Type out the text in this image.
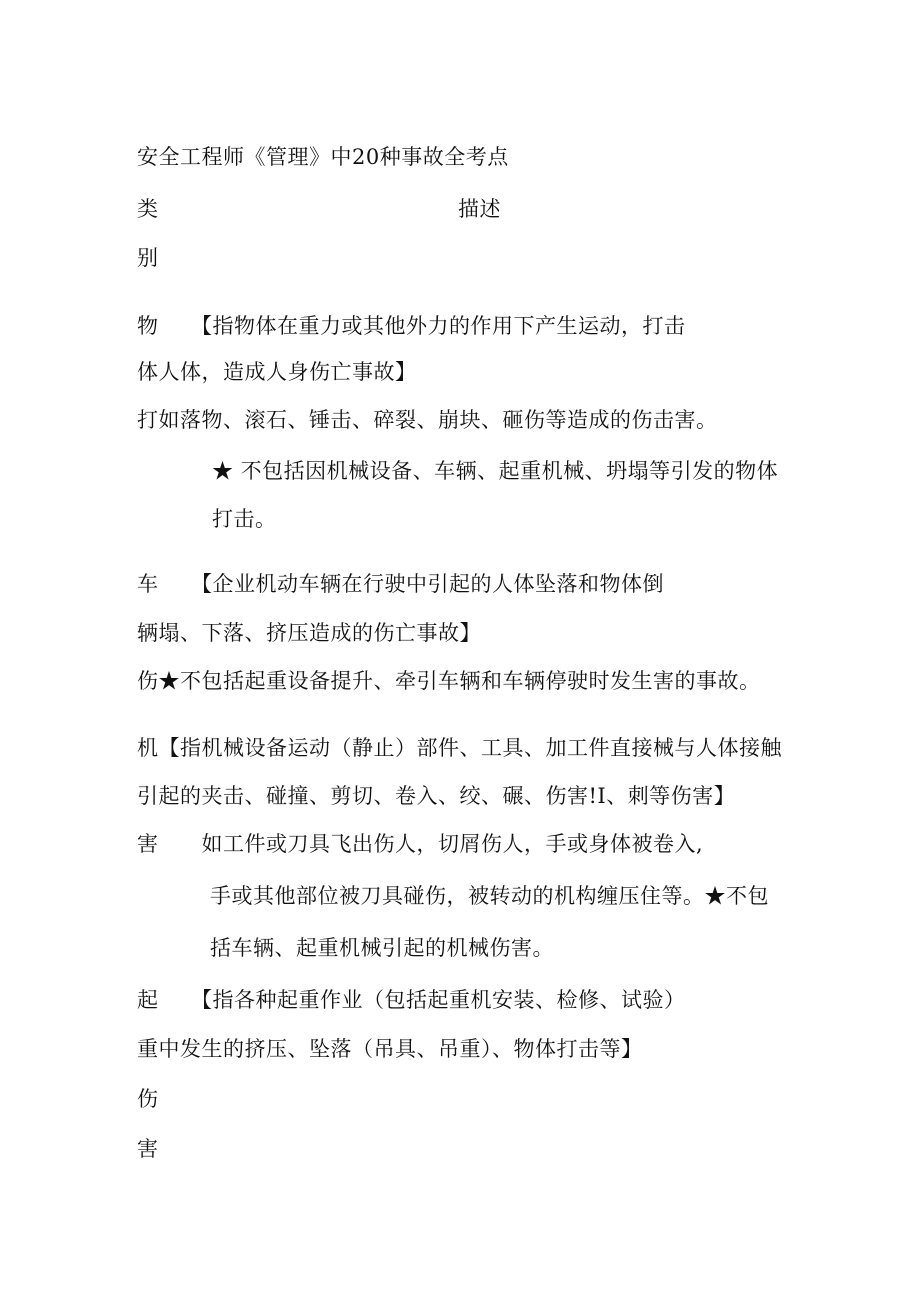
安全工程师《管理》中20种事故全考点
类	描述
别
物　　【指物体在重力或其他外力的作用下产生运动，打击
体人体，造成人身伤亡事故】
打如落物、滚石、锤击、碎裂、崩块、砸伤等造成的伤击害。
★ 不包括因机械设备、车辆、起重机械、坍塌等引发的物体
打击。
车　　【企业机动车辆在行驶中引起的人体坠落和物体倒
辆塌、下落、挤压造成的伤亡事故】
伤★不包括起重设备提升、牵引车辆和车辆停驶时发生害的事故。
机【指机械设备运动（静止）部件、工具、加工件直接械与人体接触
引起的夹击、碰撞、剪切、卷入、绞、碾、伤害!I、刺等伤害】
害　　如工件或刀具飞出伤人，切屑伤人，手或身体被卷入,
手或其他部位被刀具碰伤，被转动的机构缠压住等。★不包
括车辆、起重机械引起的机械伤害。
起　　【指各种起重作业（包括起重机安装、检修、试验）
重中发生的挤压、坠落（吊具、吊重）、物体打击等】
伤
害
